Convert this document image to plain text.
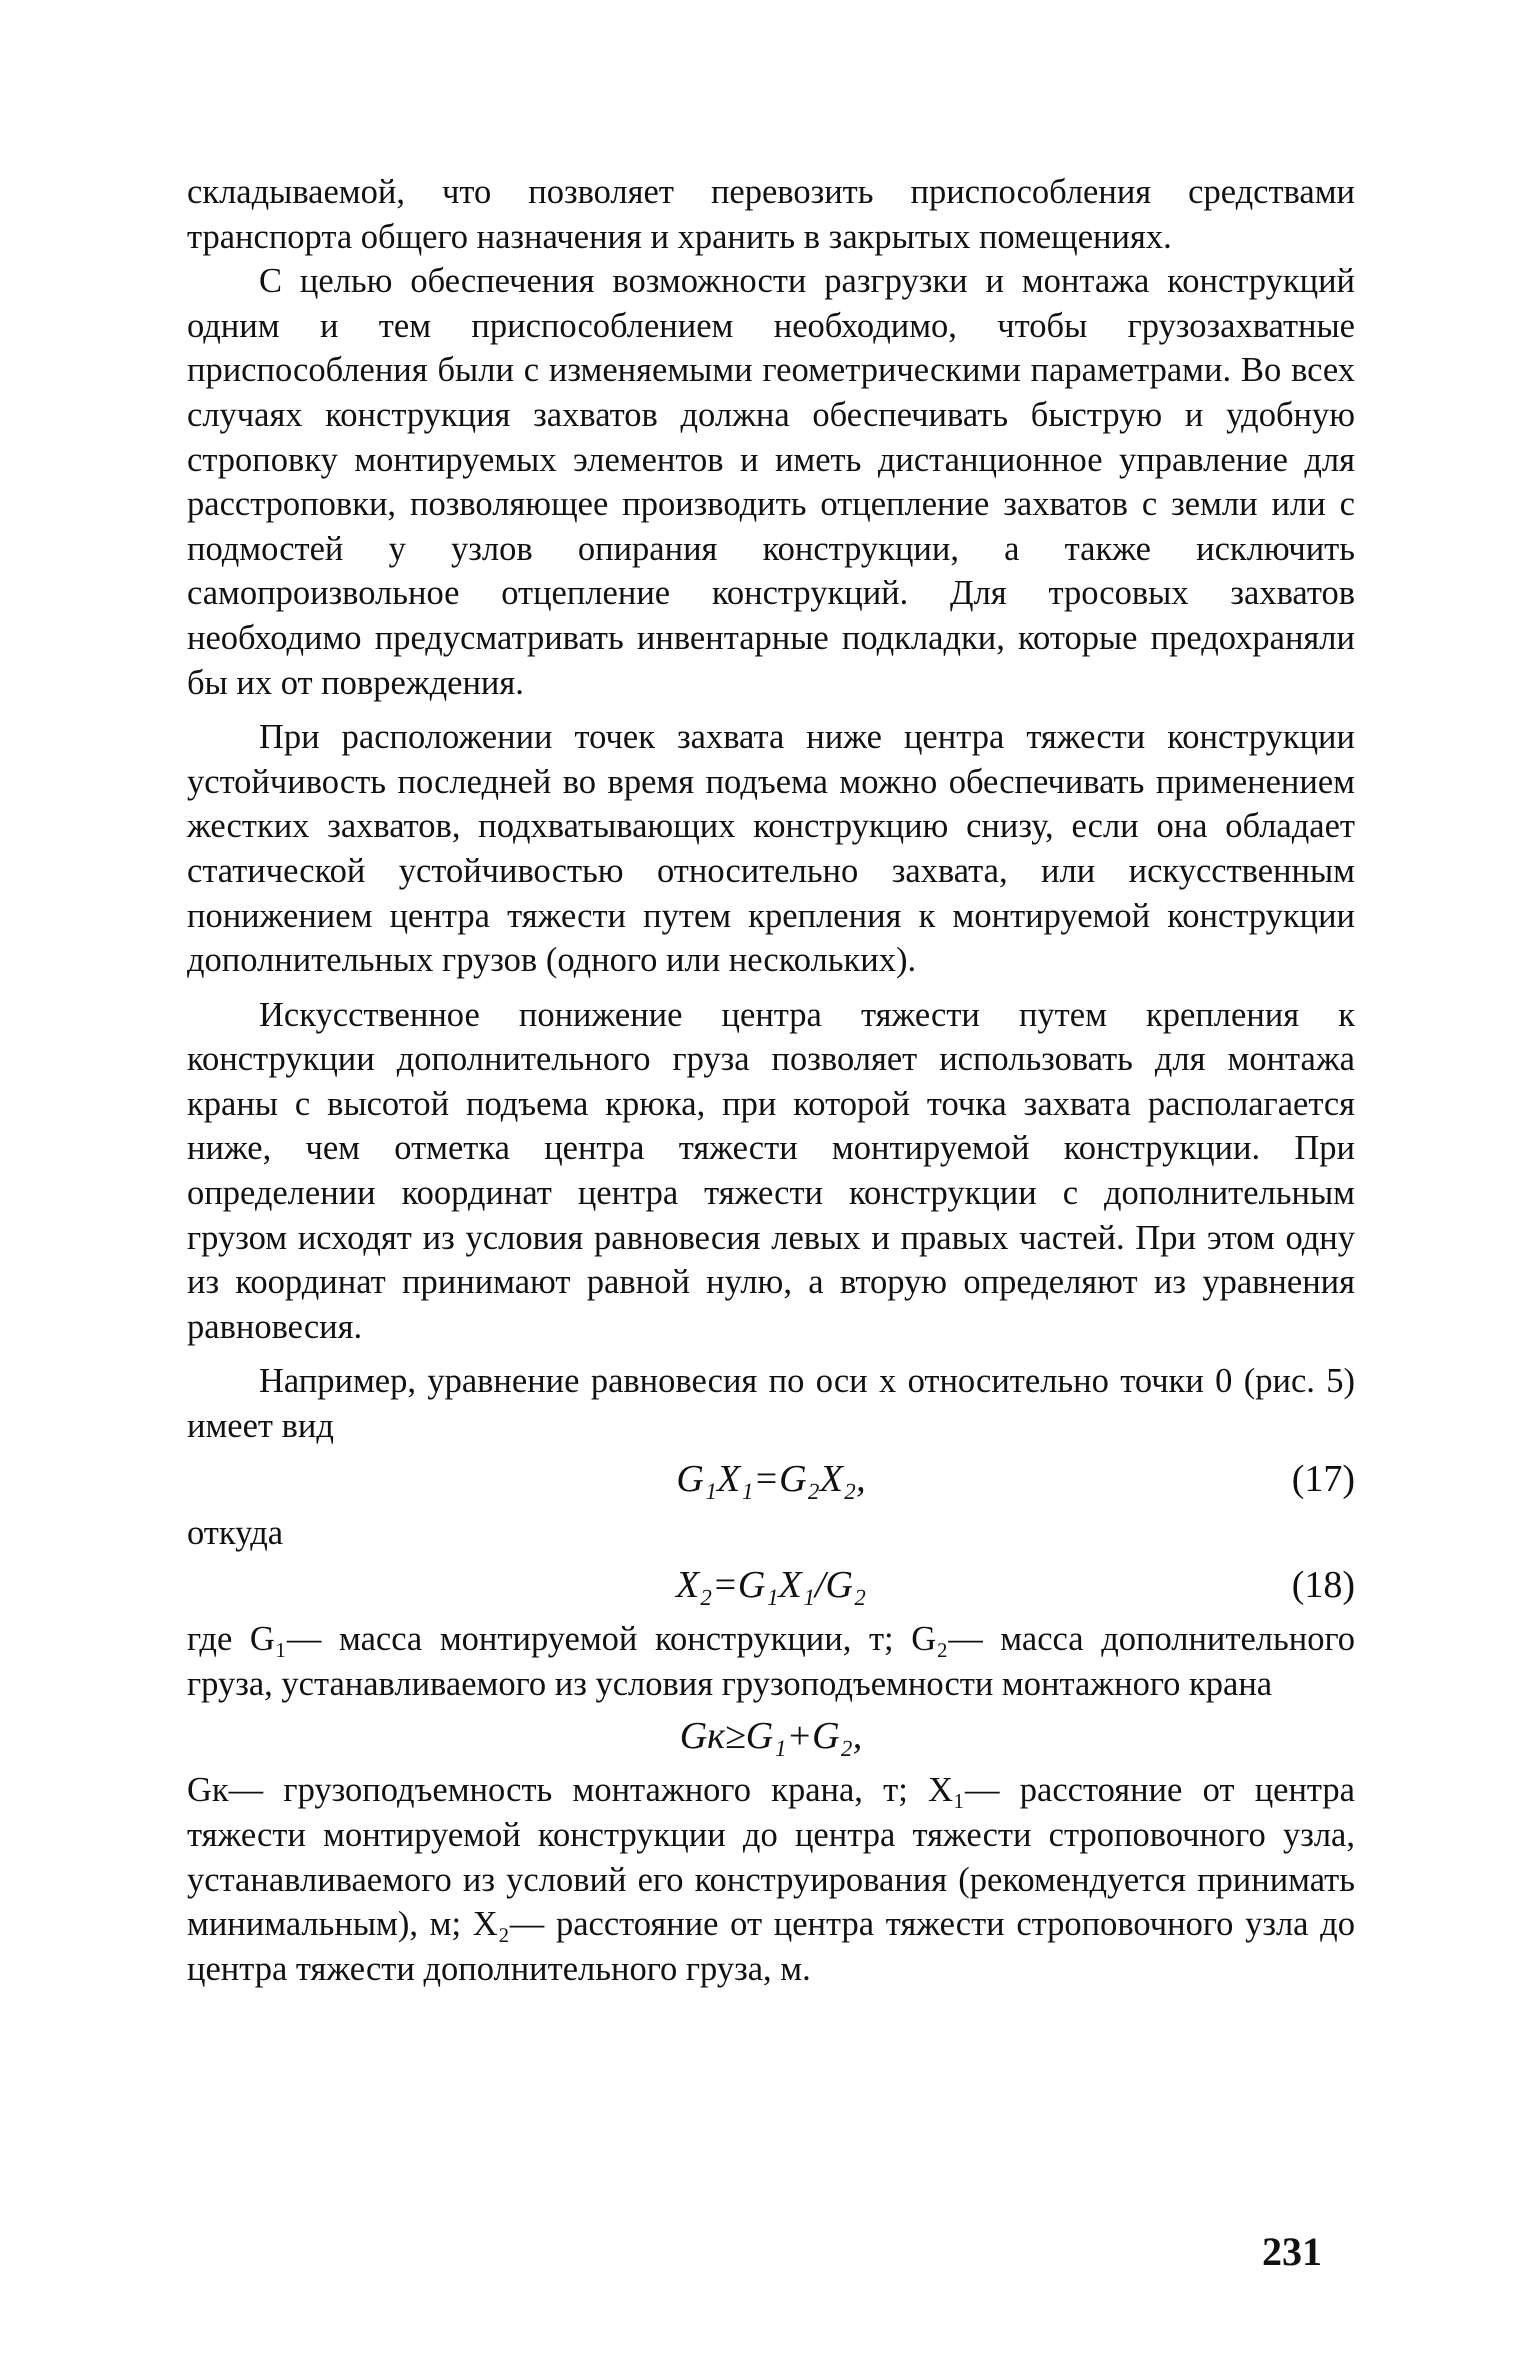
складываемой, что позволяет перевозить приспособления средствами транспорта общего назначения и хранить в закрытых помещениях.

С целью обеспечения возможности разгрузки и монтажа конструкций одним и тем приспособлением необходимо, чтобы грузозахватные приспособления были с изменяемыми геометрическими параметрами. Во всех случаях конструкция захватов должна обеспечивать быструю и удобную строповку монтируемых элементов и иметь дистанционное управление для расстроповки, позволяющее производить отцепление захватов с земли или с подмостей у узлов опирания конструкции, а также исключить самопроизвольное отцепление конструкций. Для тросовых захватов необходимо предусматривать инвентарные подкладки, которые предохраняли бы их от повреждения.

При расположении точек захвата ниже центра тяжести конструкции устойчивость последней во время подъема можно обеспечивать применением жестких захватов, подхватывающих конструкцию снизу, если она обладает статической устойчивостью относительно захвата, или искусственным понижением центра тяжести путем крепления к монтируемой конструкции дополнительных грузов (одного или нескольких).

Искусственное понижение центра тяжести путем крепления к конструкции дополнительного груза позволяет использовать для монтажа краны с высотой подъема крюка, при которой точка захвата располагается ниже, чем отметка центра тяжести монтируемой конструкции. При определении координат центра тяжести конструкции с дополнительным грузом исходят из условия равновесия левых и правых частей. При этом одну из координат принимают равной нулю, а вторую определяют из уравнения равновесия.

Например, уравнение равновесия по оси x относительно точки 0 (рис. 5) имеет вид

G₁X₁=G₂X₂,	(17)

откуда

X₂=G₁X₁/G₂	(18)

где G₁— масса монтируемой конструкции, т; G₂— масса дополнительного груза, устанавливаемого из условия грузоподъемности монтажного крана

Gк≥G₁+G₂,

Gк— грузоподъемность монтажного крана, т; X₁— расстояние от центра тяжести монтируемой конструкции до центра тяжести строповочного узла, устанавливаемого из условий его конструирования (рекомендуется принимать минимальным), м; X₂— расстояние от центра тяжести строповочного узла до центра тяжести дополнительного груза, м.

231
